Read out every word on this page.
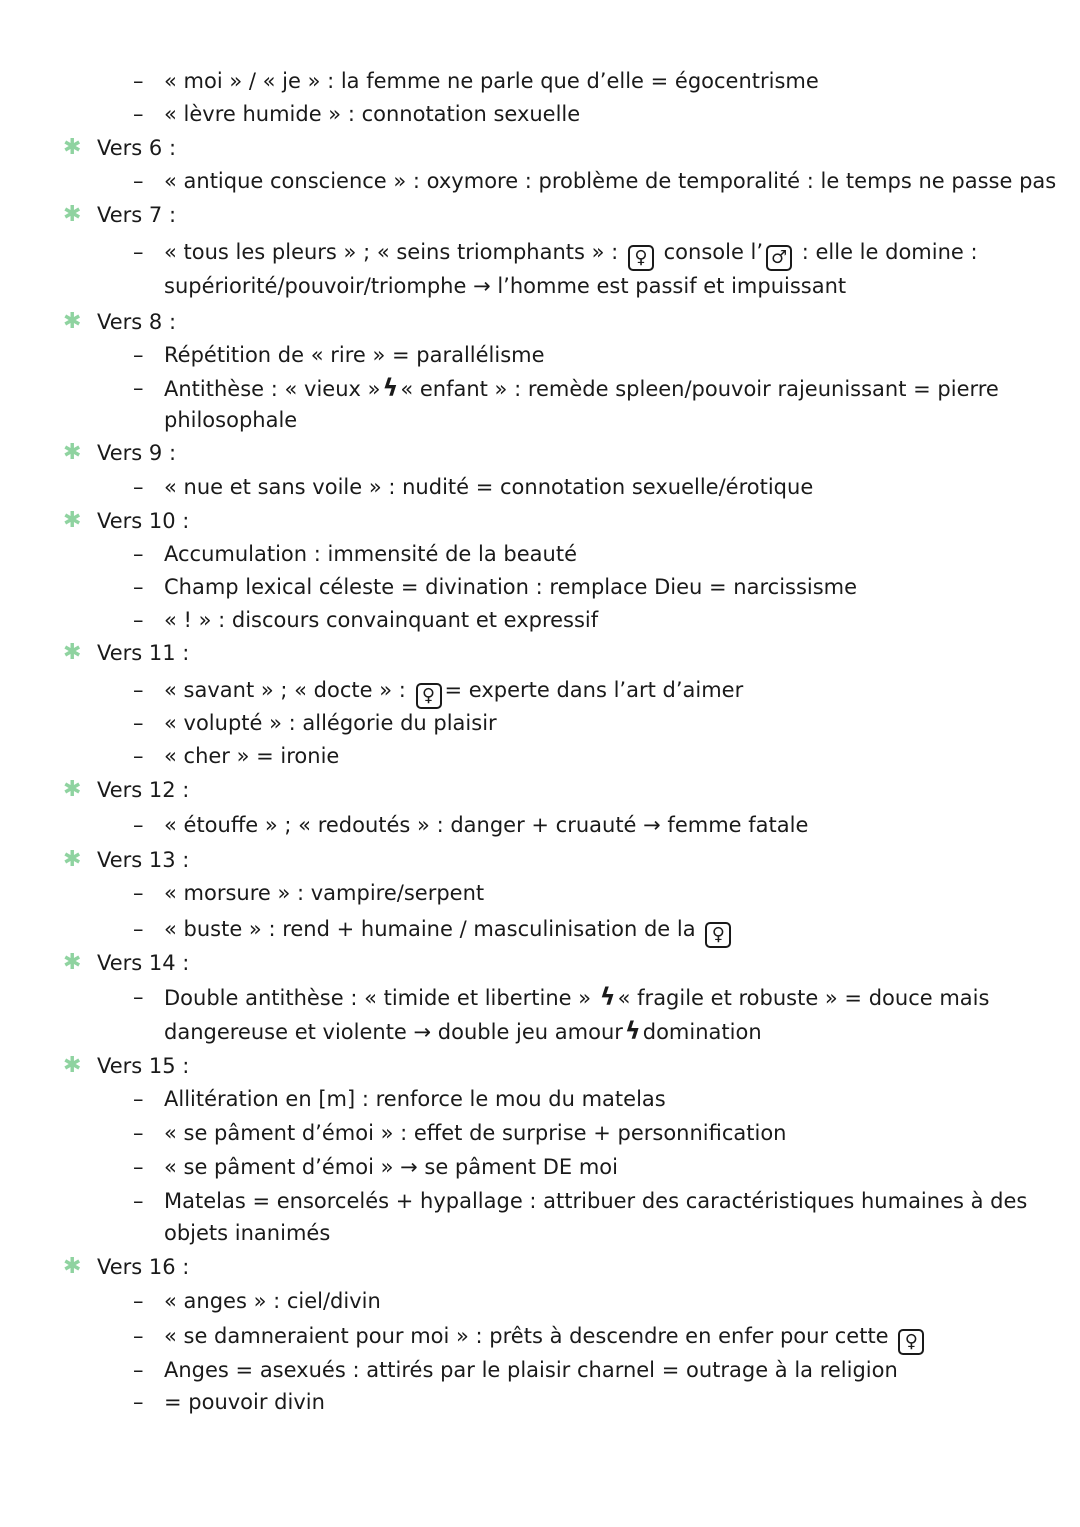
– « moi » / « je » : la femme ne parle que d’elle = égocentrisme
– « lèvre humide » : connotation sexuelle
✱ Vers 6 :
– « antique conscience » : oxymore : problème de temporalité : le temps ne passe pas
✱ Vers 7 :
– « tous les pleurs » ; « seins triomphants » : ♀ console l’ ♂ : elle le domine :
supériorité/pouvoir/triomphe → l’homme est passif et impuissant
✱ Vers 8 :
– Répétition de « rire » = parallélisme
– Antithèse : « vieux »ϟ« enfant » : remède spleen/pouvoir rajeunissant = pierre
philosophale
✱ Vers 9 :
– « nue et sans voile » : nudité = connotation sexuelle/érotique
✱ Vers 10 :
– Accumulation : immensité de la beauté
– Champ lexical céleste = divination : remplace Dieu = narcissisme
– « ! » : discours convainquant et expressif
✱ Vers 11 :
– « savant » ; « docte » : ♀ = experte dans l’art d’aimer
– « volupté » : allégorie du plaisir
– « cher » = ironie
✱ Vers 12 :
– « étouffe » ; « redoutés » : danger + cruauté → femme fatale
✱ Vers 13 :
– « morsure » : vampire/serpent
– « buste » : rend + humaine / masculinisation de la ♀
✱ Vers 14 :
– Double antithèse : « timide et libertine » ϟ« fragile et robuste » = douce mais
dangereuse et violente → double jeu amourϟdomination
✱ Vers 15 :
– Allitération en [m] : renforce le mou du matelas
– « se pâment d’émoi » : effet de surprise + personnification
– « se pâment d’émoi » → se pâment DE moi
– Matelas = ensorcelés + hypallage : attribuer des caractéristiques humaines à des
objets inanimés
✱ Vers 16 :
– « anges » : ciel/divin
– « se damneraient pour moi » : prêts à descendre en enfer pour cette ♀
– Anges = asexués : attirés par le plaisir charnel = outrage à la religion
– = pouvoir divin
